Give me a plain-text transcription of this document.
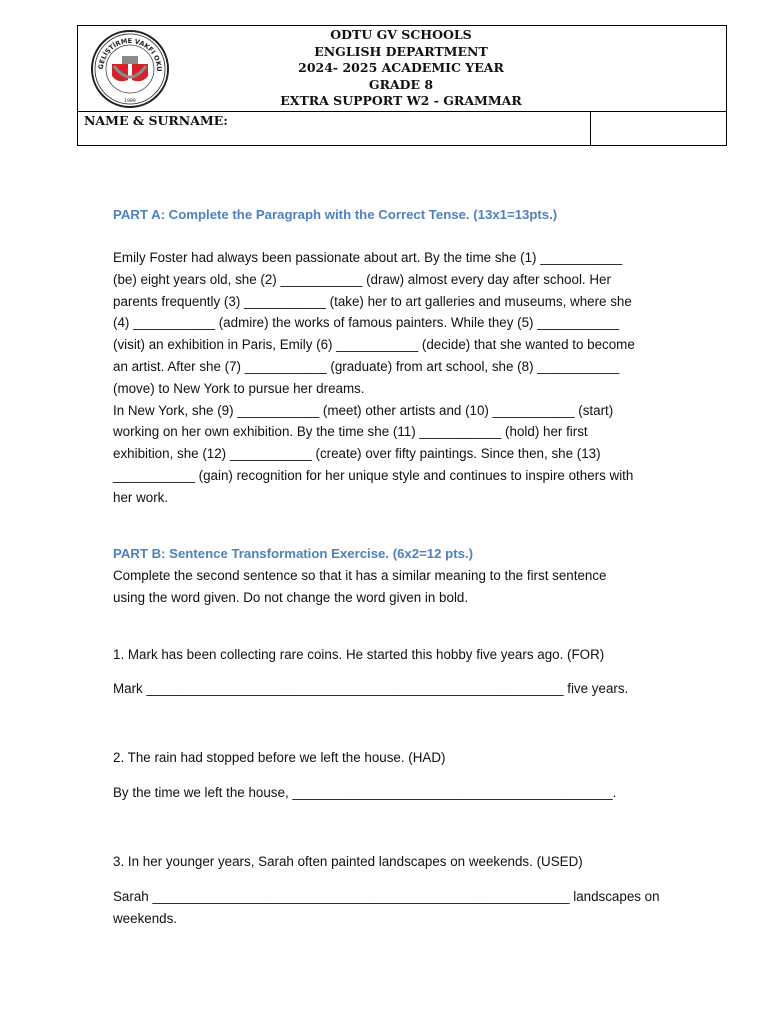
GELİŞTİRME VAKFI OKU
1989
ODTU GV SCHOOLS
ENGLISH DEPARTMENT
2024- 2025 ACADEMIC YEAR
GRADE 8
EXTRA SUPPORT W2 - GRAMMAR
NAME & SURNAME:
PART A: Complete the Paragraph with the Correct Tense. (13x1=13pts.)
Emily Foster had always been passionate about art. By the time she (1) ___________
(be) eight years old, she (2) ___________ (draw) almost every day after school. Her
parents frequently (3) ___________ (take) her to art galleries and museums, where she
(4) ___________ (admire) the works of famous painters. While they (5) ___________
(visit) an exhibition in Paris, Emily (6) ___________ (decide) that she wanted to become
an artist. After she (7) ___________ (graduate) from art school, she (8) ___________
(move) to New York to pursue her dreams.
In New York, she (9) ___________ (meet) other artists and (10) ___________ (start)
working on her own exhibition. By the time she (11) ___________ (hold) her first
exhibition, she (12) ___________ (create) over fifty paintings. Since then, she (13)
___________ (gain) recognition for her unique style and continues to inspire others with
her work.
PART B: Sentence Transformation Exercise. (6x2=12 pts.)
Complete the second sentence so that it has a similar meaning to the first sentence
using the word given. Do not change the word given in bold.
1. Mark has been collecting rare coins. He started this hobby five years ago. (FOR)
Mark ________________________________________________________ five years.
2. The rain had stopped before we left the house. (HAD)
By the time we left the house, ___________________________________________.
3. In her younger years, Sarah often painted landscapes on weekends. (USED)
Sarah ________________________________________________________ landscapes on
weekends.
